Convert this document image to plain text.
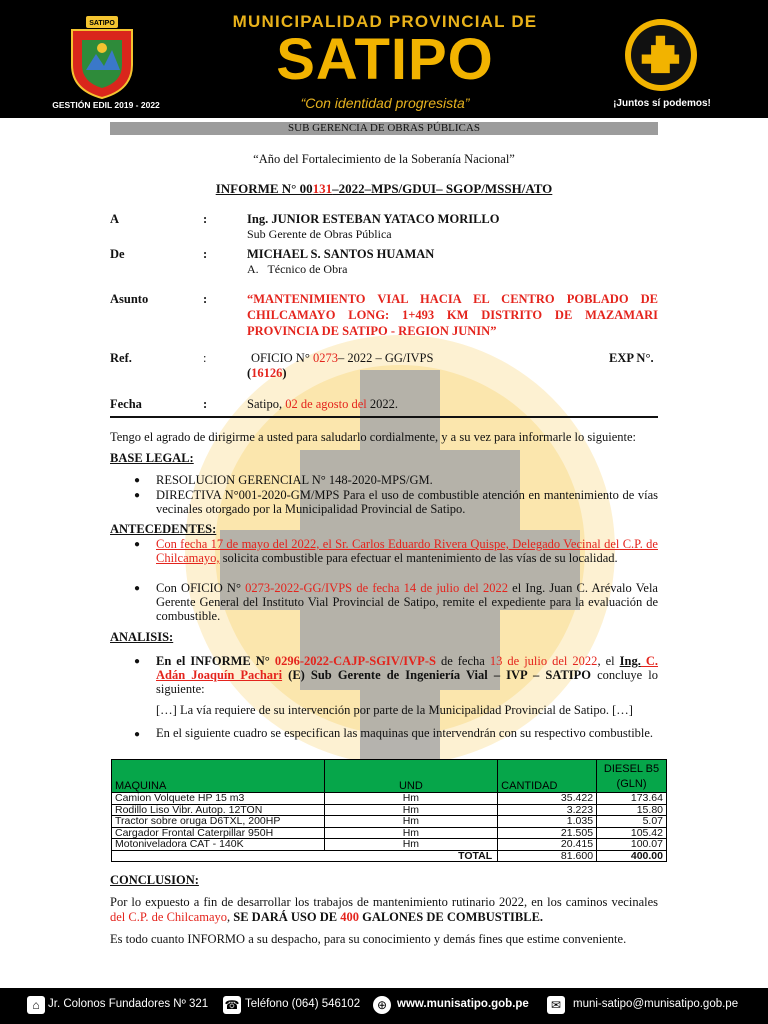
SATIPO
GESTIÓN EDIL 2019 - 2022
MUNICIPALIDAD PROVINCIAL DE
SATIPO
“Con identidad progresista”	¡Juntos sí podemos!
SUB GERENCIA DE OBRAS PÚBLICAS
“Año del Fortalecimiento de la Soberanía Nacional”
INFORME N° 00131–2022–MPS/GDUI– SGOP/MSSH/ATO
A	:	Ing. JUNIOR ESTEBAN YATACO MORILLO
Sub Gerente de Obras Pública
De	:	MICHAEL S. SANTOS HUAMAN
A.   Técnico de Obra
Asunto	:	“MANTENIMIENTO VIAL HACIA EL CENTRO POBLADO DE CHILCAMAYO LONG: 1+493 KM DISTRITO DE MAZAMARI PROVINCIA DE SATIPO - REGION JUNIN”
Ref.	:	OFICIO N° 0273– 2022 – GG/IVPS	EXP N°.
(16126)
Fecha	:	Satipo, 02 de agosto del 2022.
Tengo el agrado de dirigirme a usted para saludarlo cordialmente, y a su vez para informarle lo siguiente:
BASE LEGAL:
● RESOLUCION GERENCIAL N° 148-2020-MPS/GM.
● DIRECTIVA N°001-2020-GM/MPS Para el uso de combustible atención en mantenimiento de vías vecinales otorgado por la Municipalidad Provincial de Satipo.
ANTECEDENTES:
● Con fecha 17 de mayo del 2022, el Sr. Carlos Eduardo Rivera Quispe, Delegado Vecinal del C.P. de Chilcamayo, solicita combustible para efectuar el mantenimiento de las vías de su localidad.
● Con OFICIO N° 0273-2022-GG/IVPS de fecha 14 de julio del 2022 el Ing. Juan C. Arévalo Vela Gerente General del Instituto Vial Provincial de Satipo, remite el expediente para la evaluación de combustible.
ANALISIS:
● En el INFORME N° 0296-2022-CAJP-SGIV/IVP-S de fecha 13 de julio del 2022, el Ing. C. Adán Joaquín Pachari (E) Sub Gerente de Ingeniería Vial – IVP – SATIPO concluye lo siguiente:
[…] La vía requiere de su intervención por parte de la Municipalidad Provincial de Satipo. […]
● En el siguiente cuadro se especifican las maquinas que intervendrán con su respectivo combustible.
MAQUINA	UND	CANTIDAD	DIESEL B5
(GLN)
Camion Volquete HP 15 m3	Hm	35.422	173.64
Rodillo Liso Vibr. Autop. 12TON	Hm	3.223	15.80
Tractor sobre oruga D6TXL, 200HP	Hm	1.035	5.07
Cargador Frontal Caterpillar 950H	Hm	21.505	105.42
Motoniveladora CAT - 140K	Hm	20.415	100.07
TOTAL		81.600	400.00
CONCLUSION:
Por lo expuesto a fin de desarrollar los trabajos de mantenimiento rutinario 2022, en los caminos vecinales del C.P. de Chilcamayo, SE DARÁ USO DE 400 GALONES DE COMBUSTIBLE.
Es todo cuanto INFORMO a su despacho, para su conocimiento y demás fines que estime conveniente.
⌂ Jr. Colonos Fundadores Nº 321 ☎ Teléfono (064) 546102	⊕ www.munisatipo.gob.pe	✉	muni-satipo@munisatipo.gob.pe
